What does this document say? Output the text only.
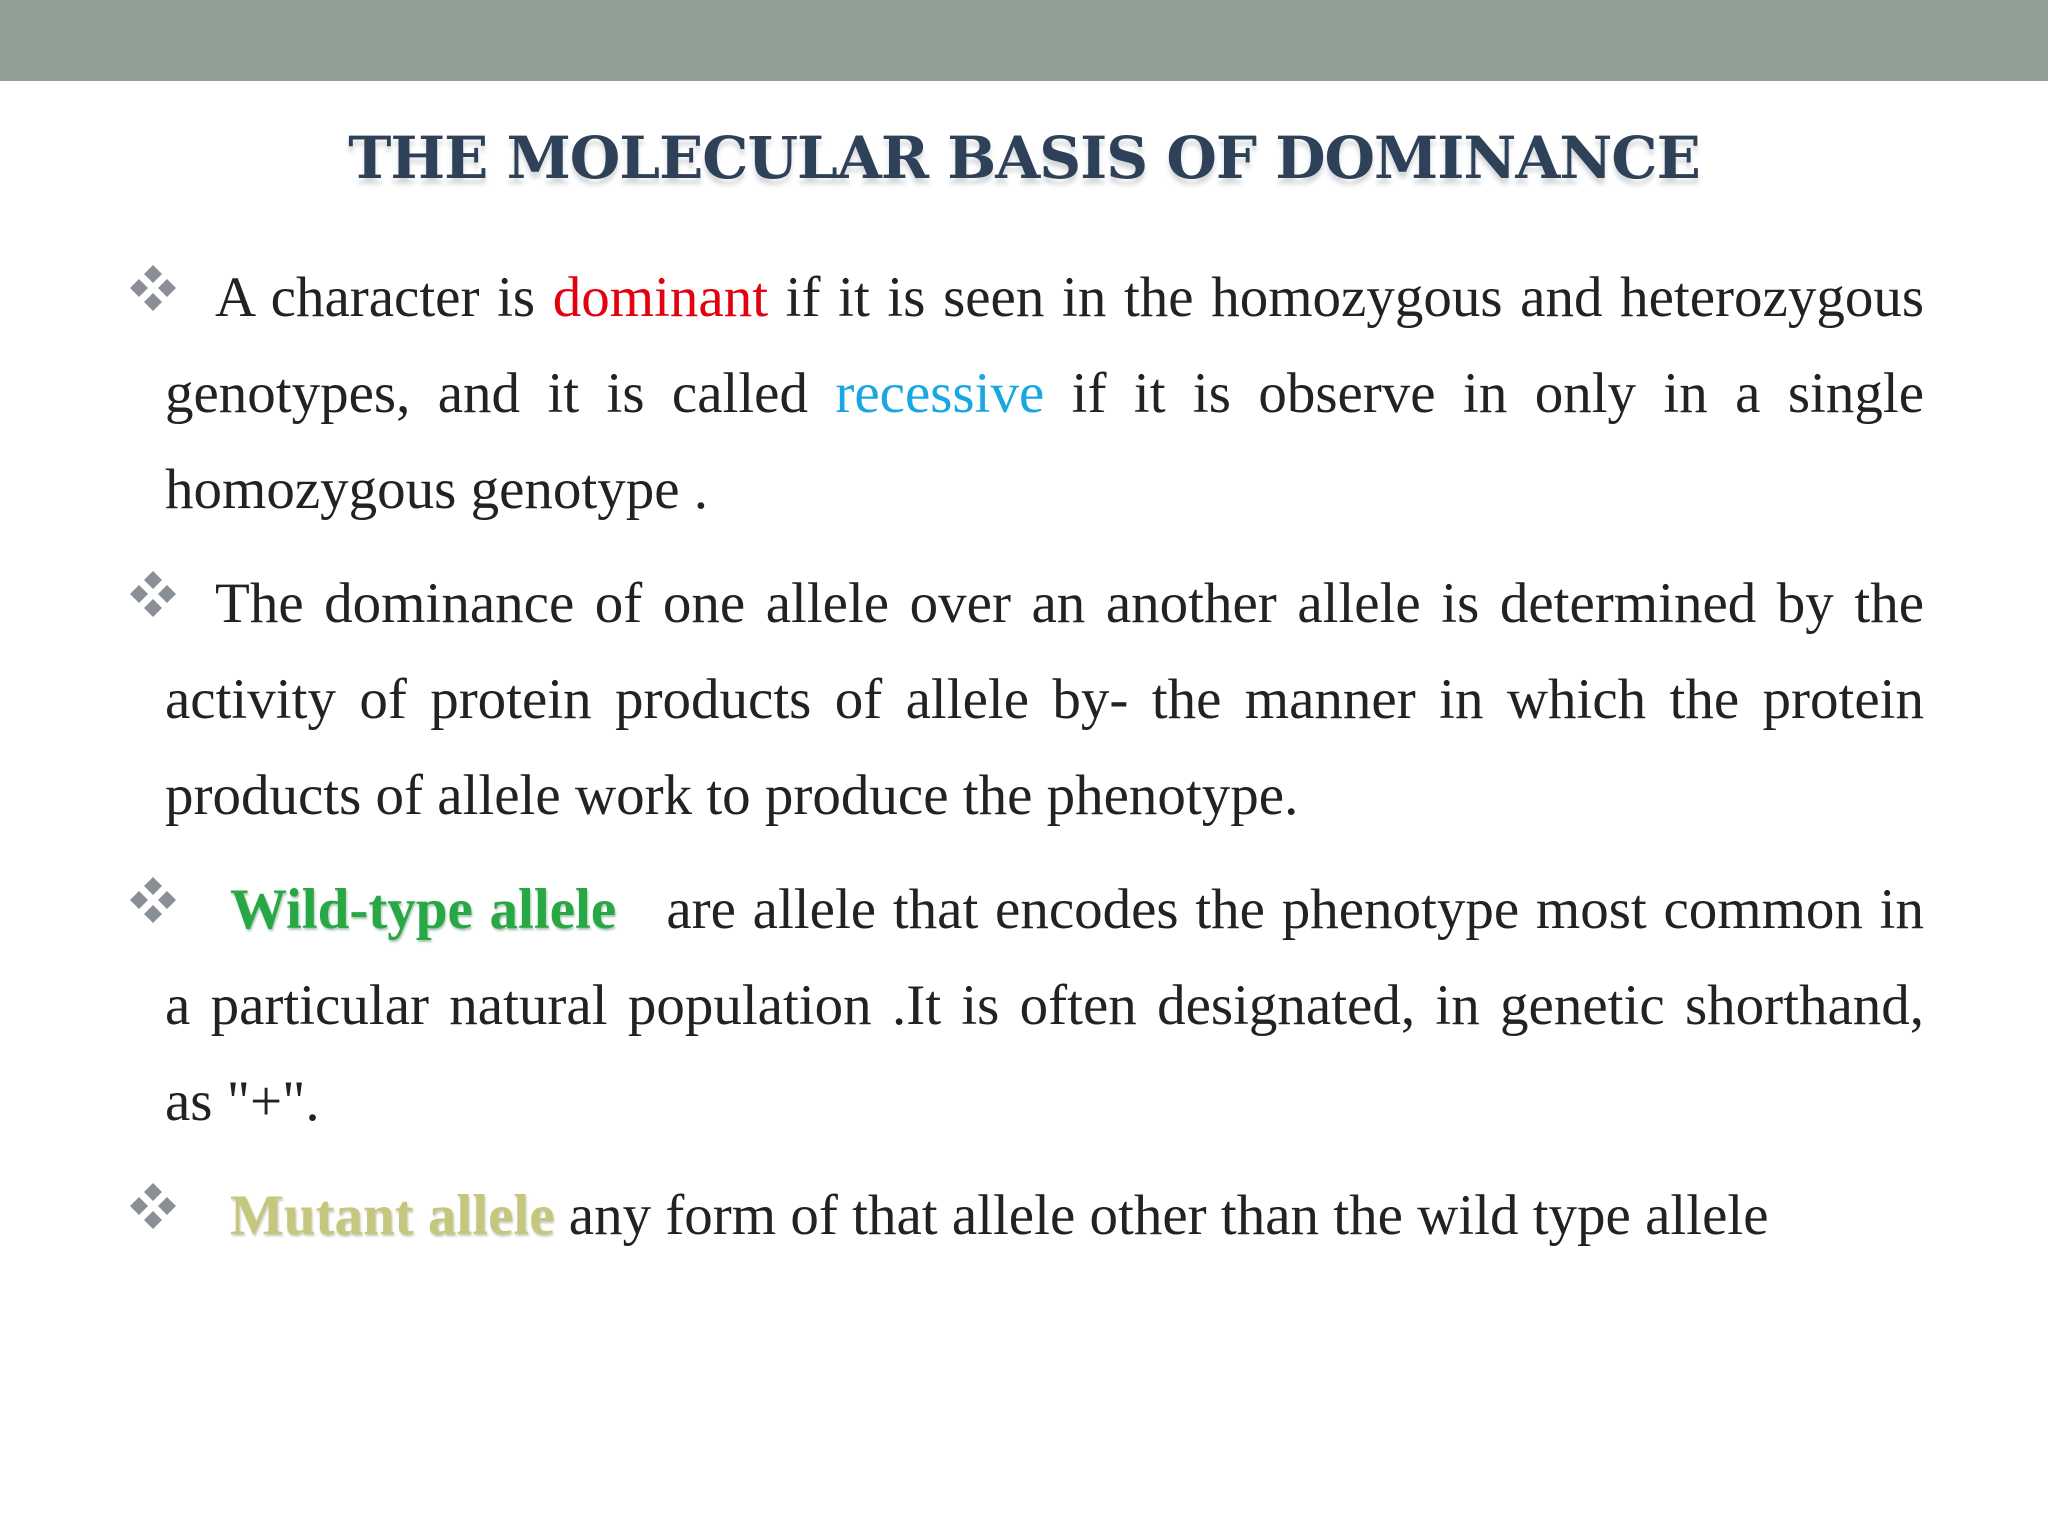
THE MOLECULAR BASIS OF DOMINANCE
A character is dominant if it is seen in the homozygous and heterozygous genotypes, and it is called recessive if it is observe in only in a single homozygous genotype .
The dominance of one allele over an another allele is determined by the activity of protein products of allele by- the manner in which the protein products of allele work to produce the phenotype.
Wild-type allele are allele that encodes the phenotype most common in a particular natural population .It is often designated, in genetic shorthand, as "+".
Mutant allele any form of that allele other than the wild type allele
